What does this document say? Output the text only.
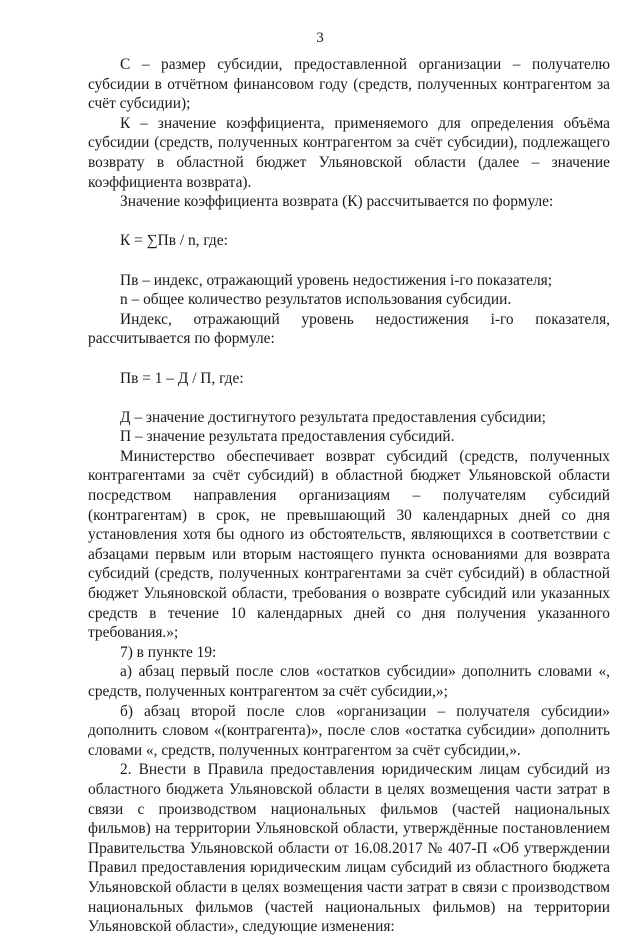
3

С – размер субсидии, предоставленной организации – получателю субсидии в отчётном финансовом году (средств, полученных контрагентом за счёт субсидии);

К – значение коэффициента, применяемого для определения объёма субсидии (средств, полученных контрагентом за счёт субсидии), подлежащего возврату в областной бюджет Ульяновской области (далее – значение коэффициента возврата).

Значение коэффициента возврата (К) рассчитывается по формуле:

К = ∑Пв / n, где:

Пв – индекс, отражающий уровень недостижения i-го показателя;

n – общее количество результатов использования субсидии.

Индекс, отражающий уровень недостижения i-го показателя, рассчитывается по формуле:

Пв = 1 – Д / П, где:

Д – значение достигнутого результата предоставления субсидии;

П – значение результата предоставления субсидий.

Министерство обеспечивает возврат субсидий (средств, полученных контрагентами за счёт субсидий) в областной бюджет Ульяновской области посредством направления организациям – получателям субсидий (контрагентам) в срок, не превышающий 30 календарных дней со дня установления хотя бы одного из обстоятельств, являющихся в соответствии с абзацами первым или вторым настоящего пункта основаниями для возврата субсидий (средств, полученных контрагентами за счёт субсидий) в областной бюджет Ульяновской области, требования о возврате субсидий или указанных средств в течение 10 календарных дней со дня получения указанного требования.»;

7) в пункте 19:

а) абзац первый после слов «остатков субсидии» дополнить словами «, средств, полученных контрагентом за счёт субсидии,»;

б) абзац второй после слов «организации – получателя субсидии» дополнить словом «(контрагента)», после слов «остатка субсидии» дополнить словами «, средств, полученных контрагентом за счёт субсидии,».

2. Внести в Правила предоставления юридическим лицам субсидий из областного бюджета Ульяновской области в целях возмещения части затрат в связи с производством национальных фильмов (частей национальных фильмов) на территории Ульяновской области, утверждённые постановлением Правительства Ульяновской области от 16.08.2017 № 407-П «Об утверждении Правил предоставления юридическим лицам субсидий из областного бюджета Ульяновской области в целях возмещения части затрат в связи с производством национальных фильмов (частей национальных фильмов) на территории Ульяновской области», следующие изменения:
